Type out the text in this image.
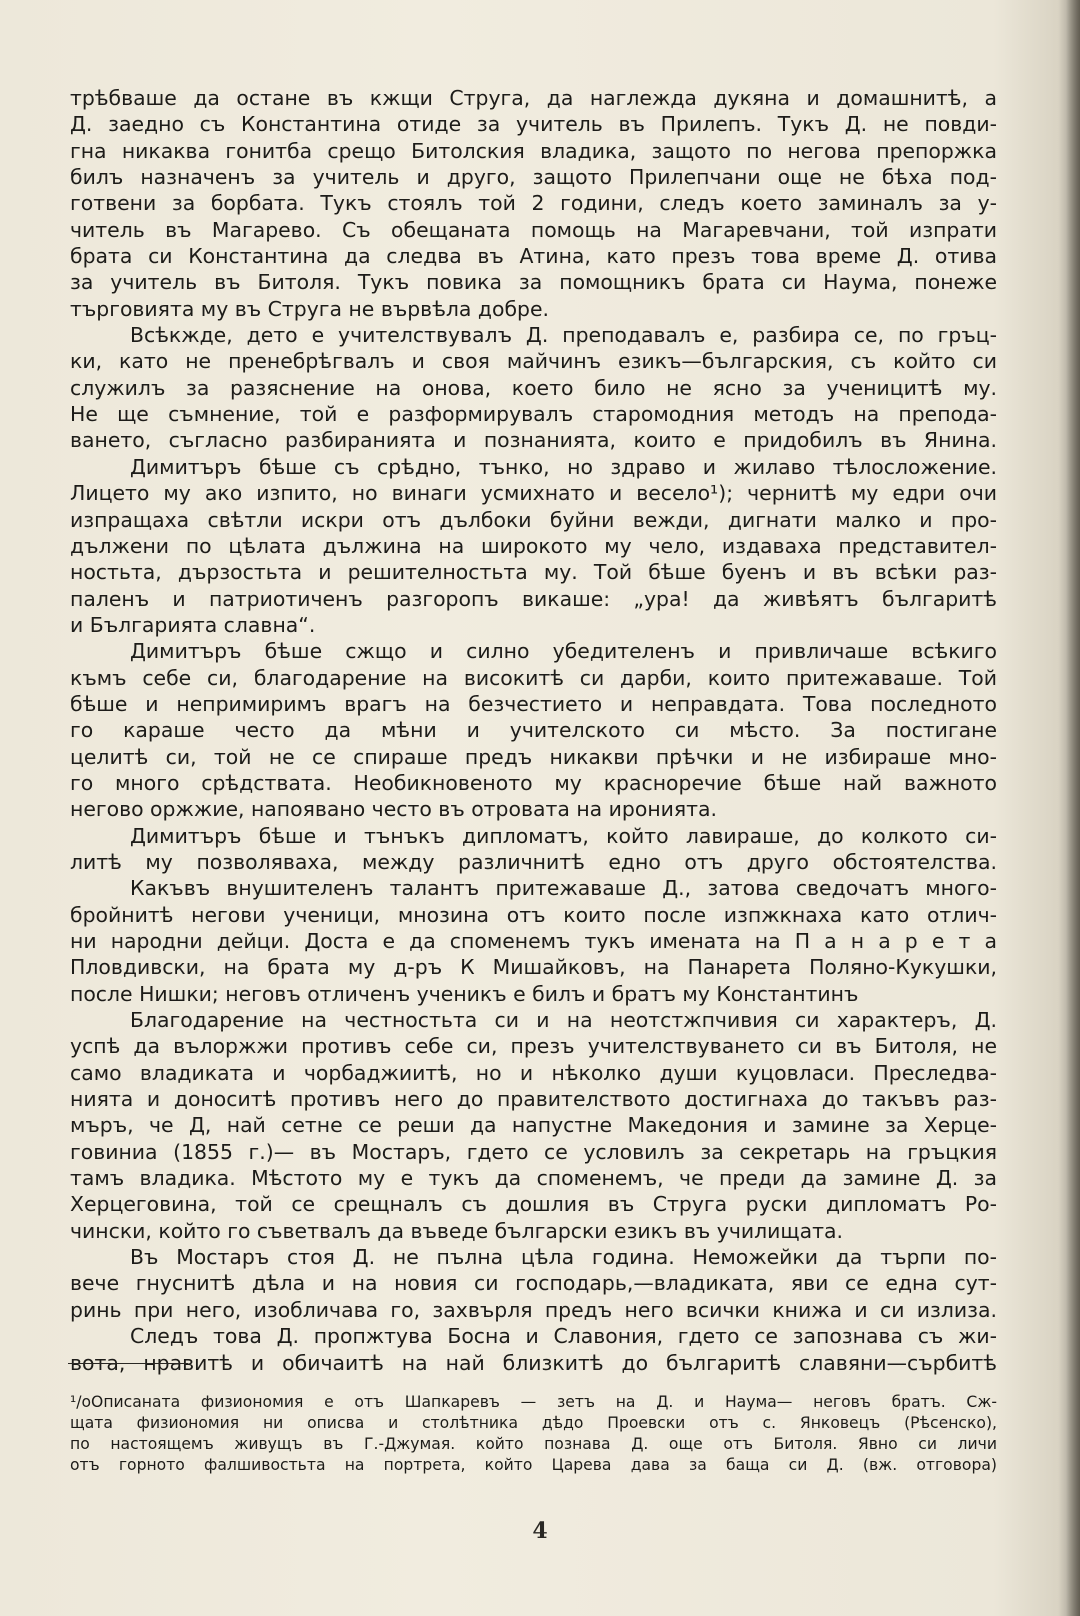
трѣбваше да остане въ кжщи Струга, да наглежда дукяна и домашнитѣ, а
Д. заедно съ Константина отиде за учитель въ Прилепъ. Тукъ Д. не повди-
гна никаква гонитба срещо Битолския владика, защото по негова препоржка
билъ назначенъ за учитель и друго, защото Прилепчани още не бѣха под-
готвени за борбата. Тукъ стоялъ той 2 години, следъ което заминалъ за у-
читель въ Магарево. Съ обещаната помощь на Магаревчани, той изпрати
брата си Константина да следва въ Атина, като презъ това време Д. отива
за учитель въ Битоля. Тукъ повика за помощникъ брата си Наума, понеже
търговията му въ Струга не вървѣла добре.
Всѣкжде, дето е учителствувалъ Д. преподавалъ е, разбира се, по гръц-
ки, като не пренебрѣгвалъ и своя майчинъ езикъ—българския, съ който си
служилъ за разяснение на онова, което било не ясно за ученицитѣ му.
Не ще съмнение, той е разформирувалъ старомодния методъ на препода-
ването, съгласно разбиранията и познанията, които е придобилъ въ Янина.
Димитъръ бѣше съ срѣдно, тънко, но здраво и жилаво тѣлосложение.
Лицето му ако изпито, но винаги усмихнато и весело¹); чернитѣ му едри очи
изпращаха свѣтли искри отъ дълбоки буйни вежди, дигнати малко и про-
дължени по цѣлата дължина на широкото му чело, издаваха представител-
ностьта, дързостьта и решителностьта му. Той бѣше буенъ и въ всѣки раз-
паленъ и патриотиченъ разгоропъ викаше: „ура! да живѣятъ българитѣ
и Българията славна“.
Димитъръ бѣше сжщо и силно убедителенъ и привличаше всѣкиго
къмъ себе си, благодарение на високитѣ си дарби, които притежаваше. Той
бѣше и непримиримъ врагъ на безчестието и неправдата. Това последното
го караше често да мѣни и учителското си мѣсто. За постигане
целитѣ си, той не се спираше предъ никакви прѣчки и не избираше мно-
го много срѣдствата. Необикновеното му красноречие бѣше най важното
негово оржжие, напоявано често въ отровата на иронията.
Димитъръ бѣше и тънъкъ дипломатъ, който лавираше, до колкото си-
литѣ му позволяваха, между различнитѣ едно отъ друго обстоятелства.
Какъвъ внушителенъ талантъ притежаваше Д., затова сведочатъ много-
бройнитѣ негови ученици, мнозина отъ които после изпжкнаха като отлич-
ни народни дейци. Доста е да споменемъ тукъ имената на П а н а р е т а
Пловдивски, на брата му д-ръ К Мишайковъ, на Панарета Поляно-Кукушки,
после Нишки; неговъ отличенъ ученикъ е билъ и братъ му Константинъ
Благодарение на честностьта си и на неотстжпчивия си характеръ, Д.
успѣ да вълоржжи противъ себе си, презъ учителствуването си въ Битоля, не
само владиката и чорбаджиитѣ, но и нѣколко души куцовласи. Преследва-
нията и доноситѣ противъ него до правителството достигнаха до такъвъ раз-
мъръ, че Д, най сетне се реши да напустне Македония и замине за Херце-
говиниа (1855 г.)— въ Мостаръ, гдето се условилъ за секретарь на гръцкия
тамъ владика. Мѣстото му е тукъ да споменемъ, че преди да замине Д. за
Херцеговина, той се срещналъ съ дошлия въ Струга руски дипломатъ Ро-
чински, който го съветвалъ да въведе български езикъ въ училищата.
Въ Мостаръ стоя Д. не пълна цѣла година. Неможейки да търпи по-
вече гнуснитѣ дѣла и на новия си господарь,—владиката, яви се една сут-
ринь при него, изобличава го, захвърля предъ него всички книжа и си излиза.
Следъ това Д. пропжтува Босна и Славония, гдето се запознава съ жи-
вота, нравитѣ и обичаитѣ на най близкитѣ до българитѣ славяни—сърбитѣ
¹/оОписаната физиономия е отъ Шапкаревъ — зетъ на Д. и Наума— неговъ братъ. Сж-
щата физиономия ни описва и столѣтника дѣдо Проевски отъ с. Янковецъ (Рѣсенско),
по настоящемъ живущъ въ Г.-Джумая. който познава Д. още отъ Битоля. Явно си личи
отъ горното фалшивостьта на портрета, който Царева дава за баща си Д. (вж. отговора)
4
